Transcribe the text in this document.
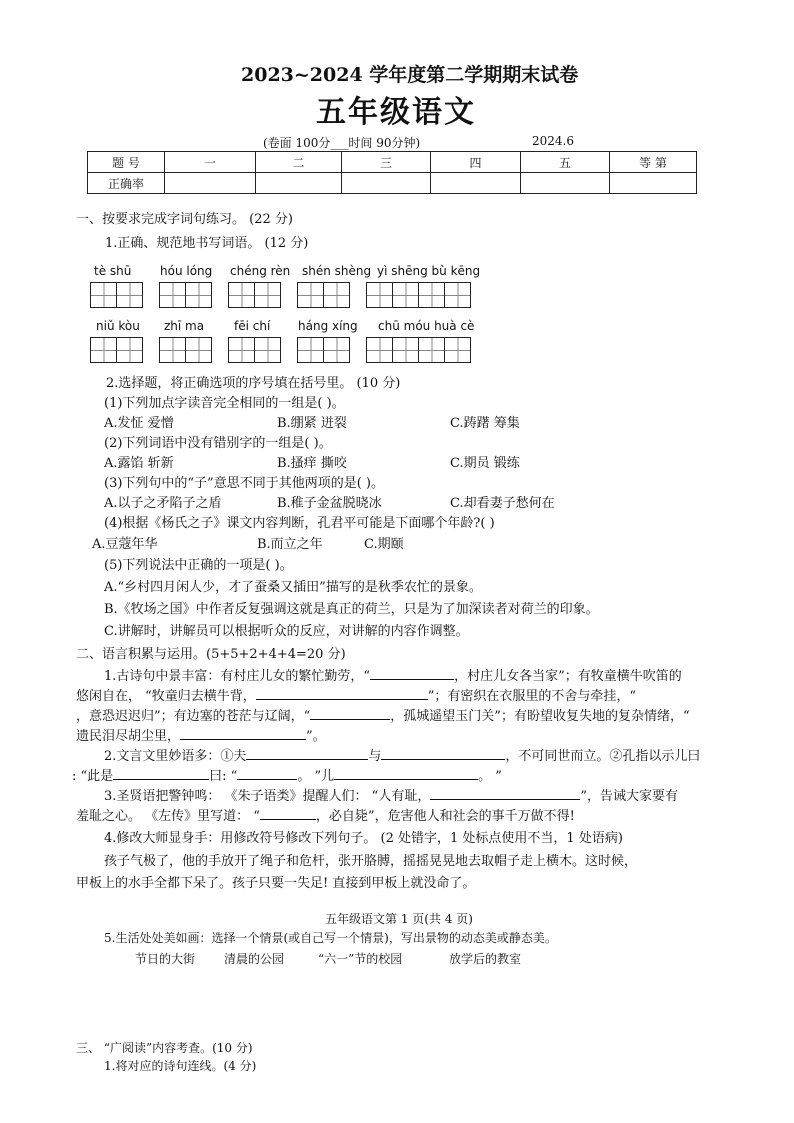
2023~2024 学年度第二学期期末试卷
五年级语文
(卷面 100分___时间 90分钟)	2024.6
题 号	一	二	三	四	五	等 第
正确率						
一、按要求完成字词句练习。 (22 分)
1.正确、规范地书写词语。 (12 分)
tè shū hóu lóng chéng rèn shén shèng yì shēng bù kēng
niǔ kòu zhī ma fēi chí háng xíng chū móu huà cè
2.选择题，将正确选项的序号填在括号里。 (10 分)
(1)下列加点字读音完全相同的一组是( )。
A.发怔 爱憎	B.绷紧 迸裂	C.踌躇 筹集
(2)下列词语中没有错别字的一组是( )。
A.露馅 斩新	B.搔痒 撕咬	C.期员 锻练
(3)下列句中的“子”意思不同于其他两项的是( )。
A.以子之矛陷子之盾	B.稚子金盆脱晓冰	C.却看妻子愁何在
(4)根据《杨氏之子》课文内容判断，孔君平可能是下面哪个年龄?( )
A.豆蔻年华	B.而立之年	C.期颐
(5)下列说法中正确的一项是( )。
A.“乡村四月闲人少，才了蚕桑又插田”描写的是秋季农忙的景象。
B.《牧场之国》中作者反复强调这就是真正的荷兰，只是为了加深读者对荷兰的印象。
C.讲解时，讲解员可以根据听众的反应，对讲解的内容作调整。
二、语言积累与运用。(5+5+2+4+4=20 分)
1.古诗句中景丰富：有村庄儿女的繁忙勤劳，“	，村庄儿女各当家”；有牧童横牛吹笛的
悠闲自在， “牧童归去横牛背，	”；有密织在衣服里的不舍与牵挂，“
，意恐迟迟归”；有边塞的苍茫与辽阔，“	，孤城遥望玉门关”；有盼望收复失地的复杂情绪，“
遗民泪尽胡尘里，	”。
2.文言文里妙语多：①夫	与	，不可同世而立。②孔指以示儿曰
: “此是	曰: “	。 ”儿	。 ”
3.圣贤语把警钟鸣： 《朱子语类》提醒人们： “人有耻，	”，告诫大家要有
羞耻之心。 《左传》里写道： “	，必自毙”，危害他人和社会的事千万做不得!
4.修改大师显身手：用修改符号修改下列句子。 (2 处错字，1 处标点使用不当，1 处语病)
孩子气极了，他的手放开了绳子和危杆，张开胳膊，摇摇晃晃地去取帽子走上横木。这时候，
甲板上的水手全都下呆了。孩子只要一失足! 直接到甲板上就没命了。
五年级语文第 1 页(共 4 页)
5.生活处处美如画：选择一个情景(或自己写一个情景)，写出景物的动态美或静态美。
节日的大街 清晨的公园	“六一”节的校园	放学后的教室
三、 “广阅读”内容考查。(10 分)
1.将对应的诗句连线。(4 分)
